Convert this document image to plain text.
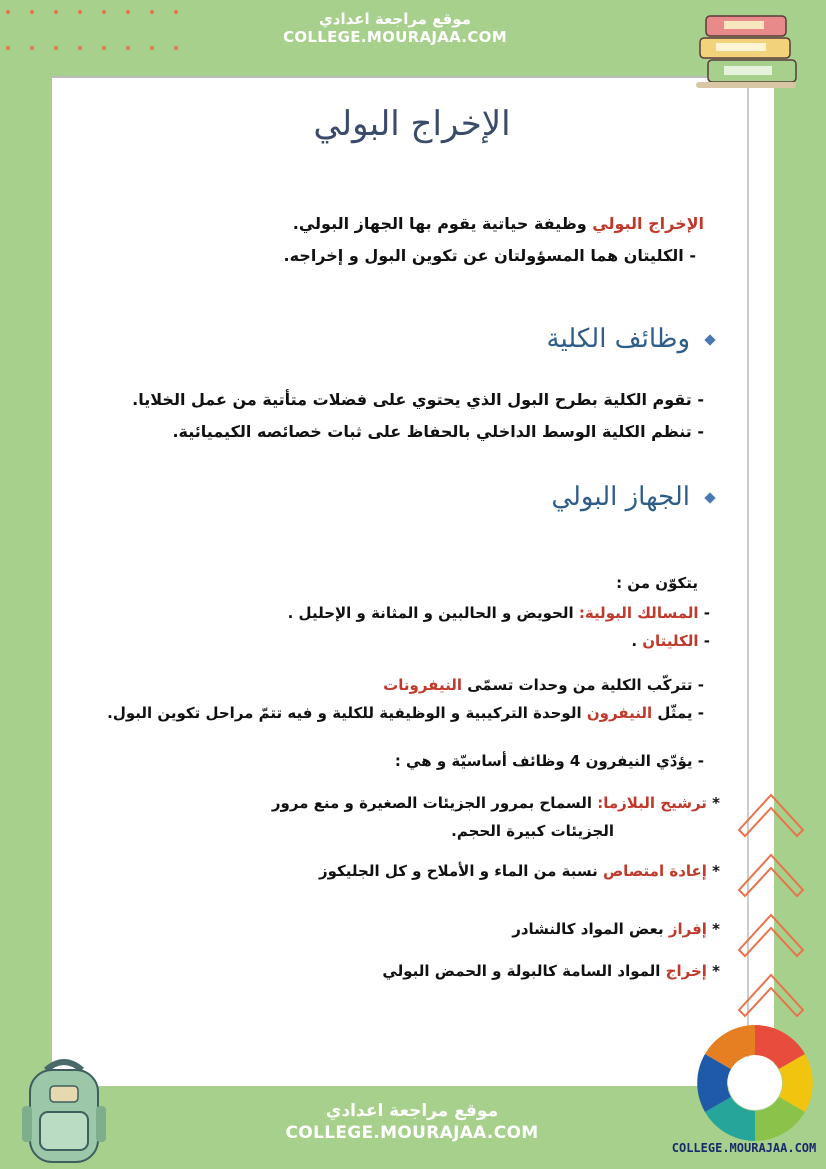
الإخراج البولي
الإخراج البولي وظيفة حياتية يقوم بها الجهاز البولي.
- الكليتان هما المسؤولتان عن تكوين البول و إخراجه.
وظائف الكلية
- تقوم الكلية بطرح البول الذي يحتوي على فضلات متأتية من عمل الخلايا.
- تنظم الكلية الوسط الداخلي بالحفاظ على ثبات خصائصه الكيميائية.
الجهاز البولي
يتكوّن من :
- المسالك البولية: الحويض و الحالبين و المثانة و الإحليل .
- الكليتان .
- تتركّب الكلية من وحدات تسمّى النيفرونات
- يمثّل النيفرون الوحدة التركيبية و الوظيفية للكلية و فيه تتمّ مراحل تكوين البول.
- يؤدّي النيفرون 4 وظائف أساسيّة و هي :
* ترشيح البلازما: السماح بمرور الجزيئات الصغيرة و منع مرور
الجزيئات كبيرة الحجم.
* إعادة امتصاص نسبة من الماء و الأملاح و كل الجليكوز
* إفراز بعض المواد كالنشادر
* إخراج المواد السامة كالبولة و الحمض البولي
موقع مراجعة اعدادي
COLLEGE.MOURAJAA.COM
موقع مراجعة اعدادي
COLLEGE.MOURAJAA.COM
COLLEGE.MOURAJAA.COM
